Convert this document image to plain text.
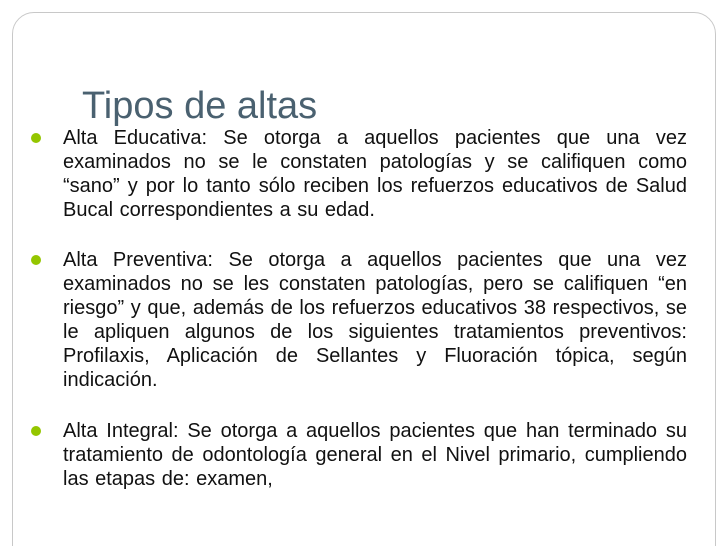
Tipos de altas
Alta Educativa: Se otorga a aquellos pacientes que una vez examinados no se le constaten patologías y se califiquen como “sano” y por lo tanto sólo reciben los refuerzos educativos de Salud Bucal correspondientes a su edad.
Alta Preventiva: Se otorga a aquellos pacientes que una vez examinados no se les constaten patologías, pero se califiquen “en riesgo” y que, además de los refuerzos educativos 38 respectivos, se le apliquen algunos de los siguientes tratamientos preventivos: Profilaxis, Aplicación de Sellantes y Fluoración tópica, según indicación.
Alta Integral: Se otorga a aquellos pacientes que han terminado su tratamiento de odontología general en el Nivel primario, cumpliendo las etapas de: examen,
